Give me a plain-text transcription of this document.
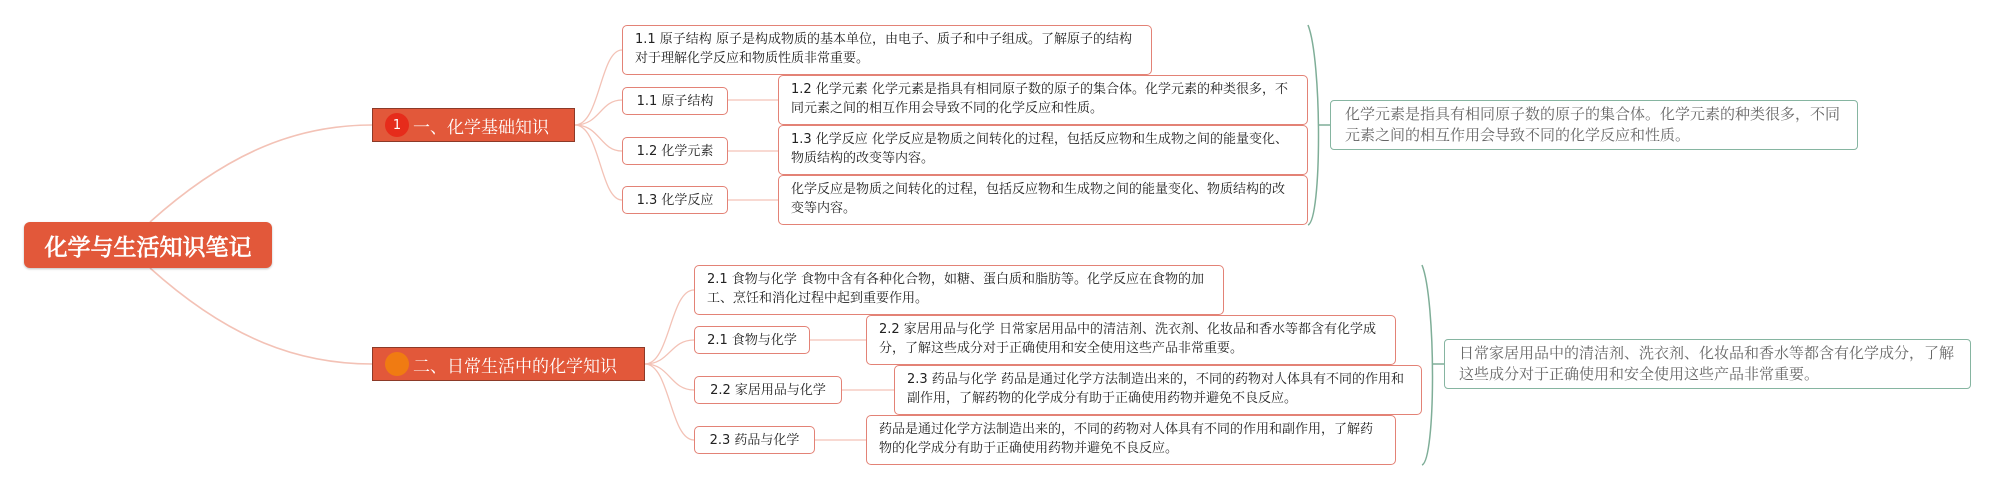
化学与生活知识笔记
1 一、化学基础知识
1.1 原子结构 原子是构成物质的基本单位，由电子、质子和中子组成。了解原子的结构对于理解化学反应和物质性质非常重要。
1.1 原子结构
1.2 化学元素 化学元素是指具有相同原子数的原子的集合体。化学元素的种类很多，不同元素之间的相互作用会导致不同的化学反应和性质。
1.2 化学元素
1.3 化学反应 化学反应是物质之间转化的过程，包括反应物和生成物之间的能量变化、物质结构的改变等内容。
1.3 化学反应
化学反应是物质之间转化的过程，包括反应物和生成物之间的能量变化、物质结构的改变等内容。
化学元素是指具有相同原子数的原子的集合体。化学元素的种类很多，不同元素之间的相互作用会导致不同的化学反应和性质。
二、日常生活中的化学知识
2.1 食物与化学 食物中含有各种化合物，如糖、蛋白质和脂肪等。化学反应在食物的加工、烹饪和消化过程中起到重要作用。
2.1 食物与化学
2.2 家居用品与化学 日常家居用品中的清洁剂、洗衣剂、化妆品和香水等都含有化学成分，了解这些成分对于正确使用和安全使用这些产品非常重要。
2.2 家居用品与化学
2.3 药品与化学 药品是通过化学方法制造出来的，不同的药物对人体具有不同的作用和副作用，了解药物的化学成分有助于正确使用药物并避免不良反应。
2.3 药品与化学
药品是通过化学方法制造出来的，不同的药物对人体具有不同的作用和副作用，了解药物的化学成分有助于正确使用药物并避免不良反应。
日常家居用品中的清洁剂、洗衣剂、化妆品和香水等都含有化学成分，了解这些成分对于正确使用和安全使用这些产品非常重要。
